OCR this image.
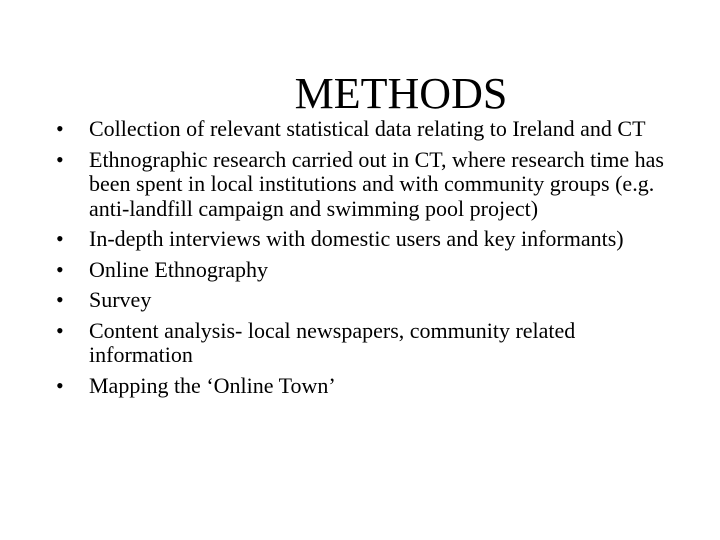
METHODS
•	Collection of relevant statistical data relating to Ireland and CT
•	Ethnographic research carried out in CT, where research time has been spent in local institutions and with community groups (e.g. anti-landfill campaign and swimming pool project)
•	In-depth interviews with domestic users and key informants)
•	Online Ethnography
•	Survey
•	Content analysis- local newspapers, community related information
•	Mapping the ‘Online Town’
